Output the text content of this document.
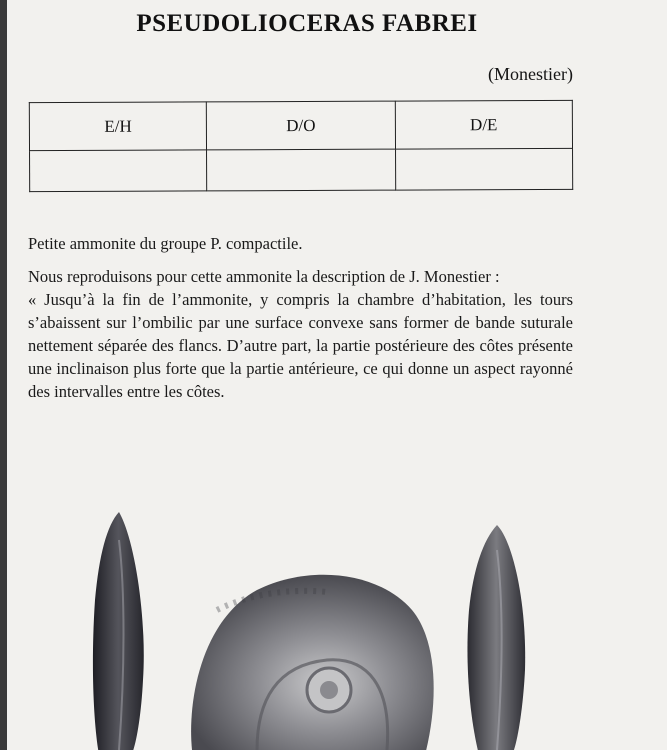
PSEUDOLIOCERAS FABREI
(Monestier)
E/H	D/O	D/E

Petite ammonite du groupe P. compactile.

Nous reproduisons pour cette ammonite la description de J. Monestier :

« Jusqu’à la fin de l’ammonite, y compris la chambre d’habitation, les tours s’abaissent sur l’ombilic par une surface convexe sans former de bande suturale nettement séparée des flancs. D’autre part, la partie postérieure des côtes présente une inclinaison plus forte que la partie antérieure, ce qui donne un aspect rayonné des intervalles entre les côtes.
